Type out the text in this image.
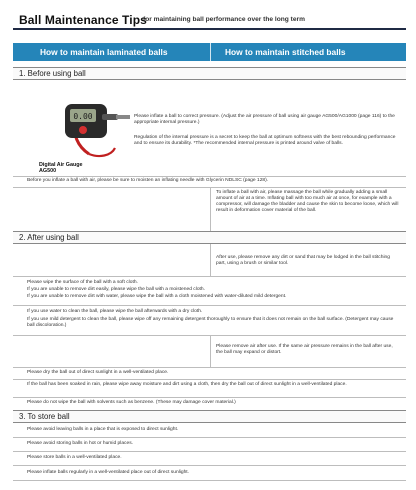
Ball Maintenance Tips
for maintaining ball performance over the long term
How to maintain laminated balls	How to maintain stitched balls
1. Before using ball
0.00
Digital Air Gauge
AG500
Please inflate a ball to correct pressure. (Adjust the air pressure of ball using air gauge AG500/AG1000 (page 116) to the appropriate internal pressure.)
Regulation of the internal pressure is a secret to keep the ball at optimum softness with the best rebounding performance and to ensure its durability. *The recommended internal pressure is printed around valve of balls.
Before you inflate a ball with air, please be sure to moisten an inflating needle with Glycerin NDLSC (page 128).
To inflate a ball with air, please massage the ball while gradually adding a small amount of air at a time. Inflating ball with too much air at once, for example with a compressor, will damage the bladder and cause the skin to become loose, which will result in deformation cover material of the ball.
2. After using ball
After use, please remove any dirt or sand that may be lodged in the ball stitching part, using a brush or similar tool.
Please wipe the surface of the ball with a soft cloth.
If you are unable to remove dirt easily, please wipe the ball with a moistened cloth.
If you are unable to remove dirt with water, please wipe the ball with a cloth moistened with water-diluted mild detergent.
If you use water to clean the ball, please wipe the ball afterwards with a dry cloth.
If you use mild detergent to clean the ball, please wipe off any remaining detergent thoroughly to ensure that it does not remain on the ball surface. (Detergent may cause ball discoloration.)
Please remove air after use. If the same air pressure remains in the ball after use, the ball may expand or distort.
Please dry the ball out of direct sunlight in a well-ventilated place.
If the ball has been soaked in rain, please wipe away moisture and dirt using a cloth, then dry the ball out of direct sunlight in a well-ventilated place.
Please do not wipe the ball with solvents such as benzene. (These may damage cover material.)
3. To store ball
Please avoid leaving balls in a place that is exposed to direct sunlight.
Please avoid storing balls in hot or humid places.
Please store balls in a well-ventilated place.
Please inflate balls regularly in a well-ventilated place out of direct sunlight.
